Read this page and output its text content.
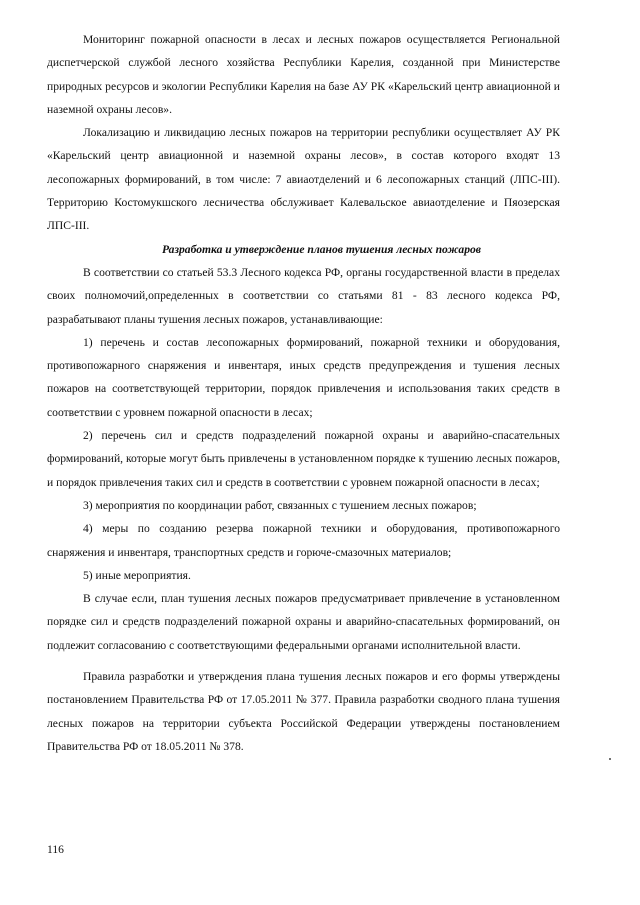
Мониторинг пожарной опасности в лесах и лесных пожаров осуществляется Региональной диспетчерской службой лесного хозяйства Республики Карелия, созданной при Министерстве природных ресурсов и экологии Республики Карелия на базе АУ РК «Карельский центр авиационной и наземной охраны лесов».

Локализацию и ликвидацию лесных пожаров на территории республики осуществляет АУ РК «Карельский центр авиационной и наземной охраны лесов», в состав которого входят 13 лесопожарных формирований, в том числе: 7 авиаотделений и 6 лесопожарных станций (ЛПС-III). Территорию Костомукшского лесничества обслуживает Калевальское авиаотделение и Пяозерская ЛПС-III.

Разработка и утверждение планов тушения лесных пожаров

В соответствии со статьей 53.3 Лесного кодекса РФ, органы государственной власти в пределах своих полномочий,определенных в соответствии со статьями 81 - 83 лесного кодекса РФ, разрабатывают планы тушения лесных пожаров, устанавливающие:

1) перечень и состав лесопожарных формирований, пожарной техники и оборудования, противопожарного снаряжения и инвентаря, иных средств предупреждения и тушения лесных пожаров на соответствующей территории, порядок привлечения и использования таких средств в соответствии с уровнем пожарной опасности в лесах;

2) перечень сил и средств подразделений пожарной охраны и аварийно-спасательных формирований, которые могут быть привлечены в установленном порядке к тушению лесных пожаров, и порядок привлечения таких сил и средств в соответствии с уровнем пожарной опасности в лесах;

3) мероприятия по координации работ, связанных с тушением лесных пожаров;

4) меры по созданию резерва пожарной техники и оборудования, противопожарного снаряжения и инвентаря, транспортных средств и горюче-смазочных материалов;

5) иные мероприятия.

В случае если, план тушения лесных пожаров предусматривает привлечение в установленном порядке сил и средств подразделений пожарной охраны и аварийно-спасательных формирований, он подлежит согласованию с соответствующими федеральными органами исполнительной власти.

Правила разработки и утверждения плана тушения лесных пожаров и его формы утверждены постановлением Правительства РФ от 17.05.2011 № 377. Правила разработки сводного плана тушения лесных пожаров на территории субъекта Российской Федерации утверждены постановлением Правительства РФ от 18.05.2011 № 378.

116
